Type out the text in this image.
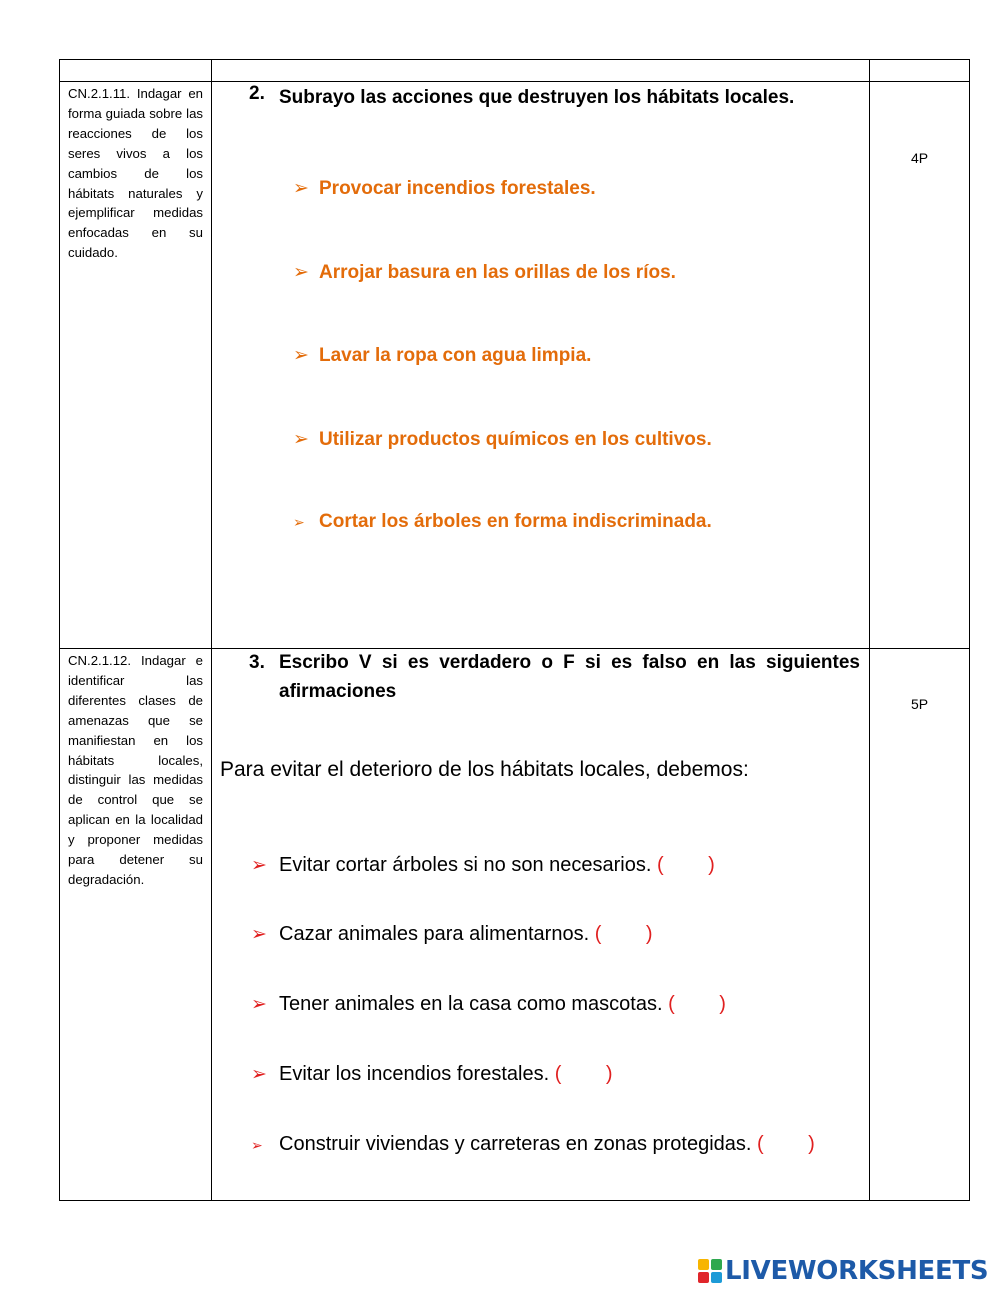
CN.2.1.11. Indagar en forma guiada sobre las reacciones de los seres vivos a los cambios de los hábitats naturales y ejemplificar medidas enfocadas en su cuidado.
2. Subrayo las acciones que destruyen los hábitats locales.
➢ Provocar incendios forestales.
➢ Arrojar basura en las orillas de los ríos.
➢ Lavar la ropa con agua limpia.
➢ Utilizar productos químicos en los cultivos.
➢ Cortar los árboles en forma indiscriminada.
4P
CN.2.1.12. Indagar e identificar las diferentes clases de amenazas que se manifiestan en los hábitats locales, distinguir las medidas de control que se aplican en la localidad y proponer medidas para detener su degradación.
3. Escribo V si es verdadero o F si es falso en las siguientes afirmaciones
Para evitar el deterioro de los hábitats locales, debemos:
➢ Evitar cortar árboles si no son necesarios. (        )
➢ Cazar animales para alimentarnos. (        )
➢ Tener animales en la casa como mascotas. (        )
➢ Evitar los incendios forestales. (        )
➢ Construir viviendas y carreteras en zonas protegidas. (        )
5P
LIVEWORKSHEETS
